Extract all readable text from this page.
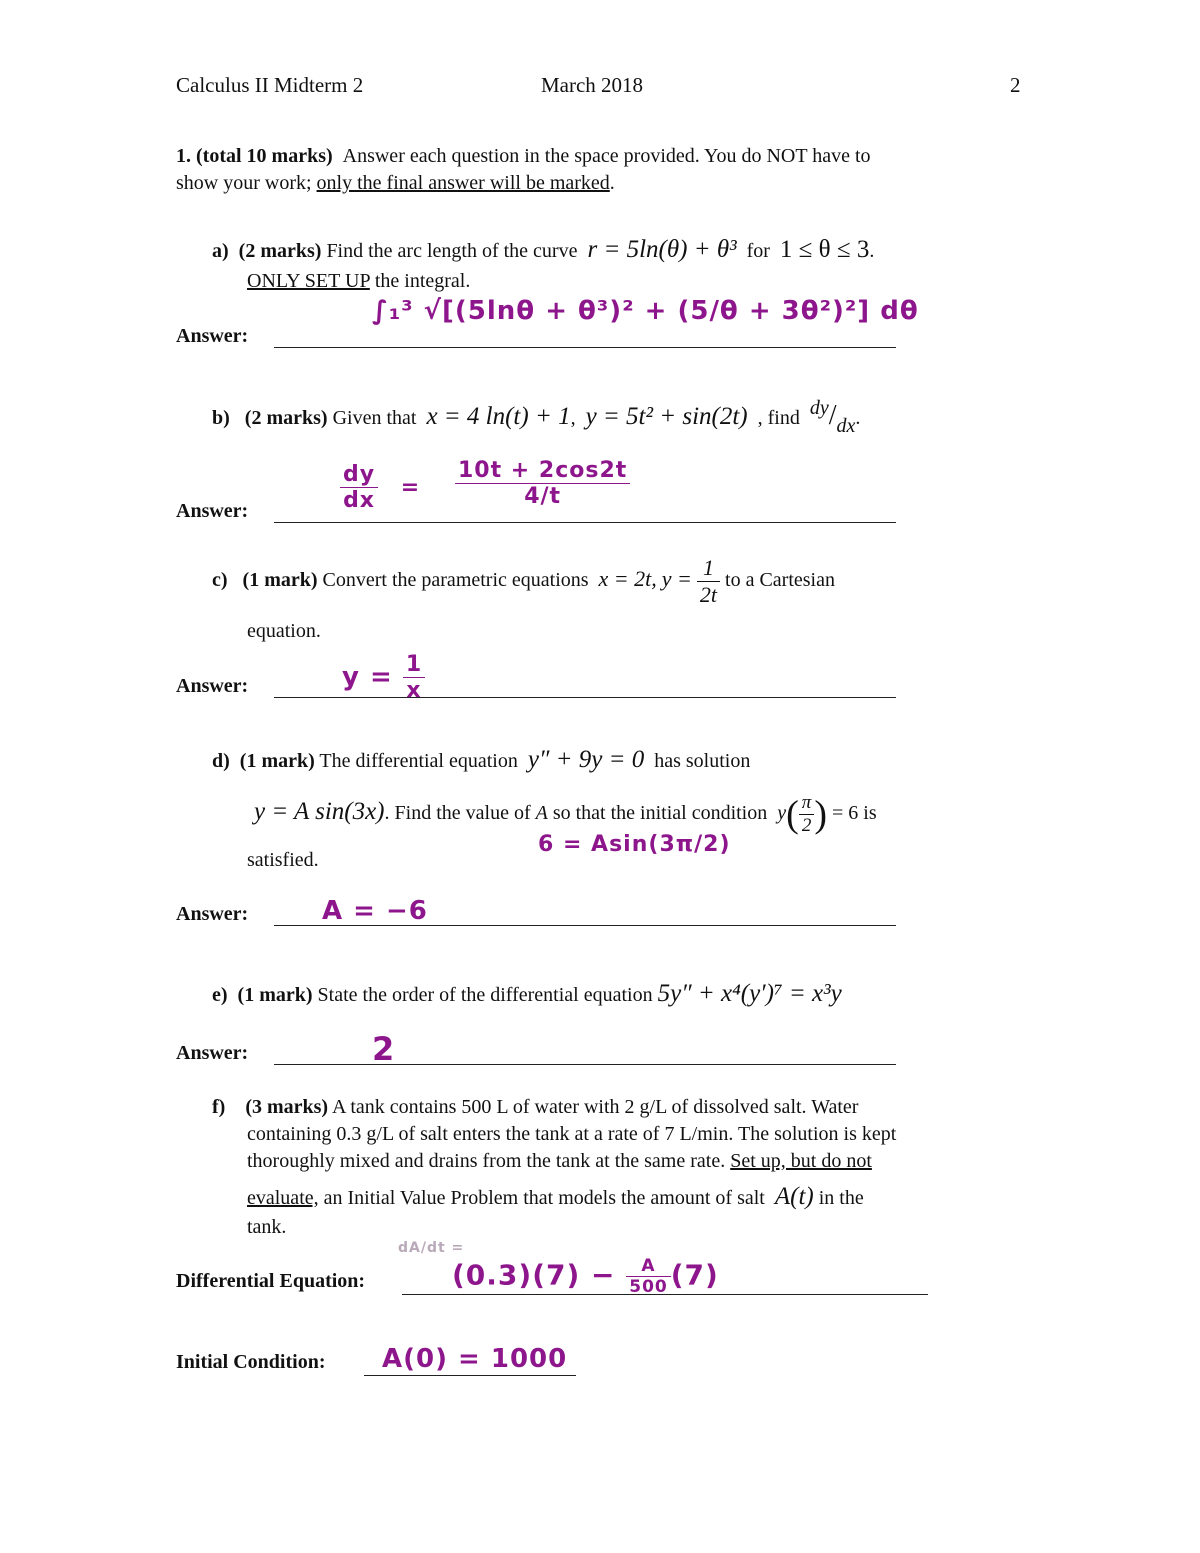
Calculus II Midterm 2	March 2018	2
1. (total 10 marks) Answer each question in the space provided. You do NOT have to
show your work; only the final answer will be marked.
a) (2 marks) Find the arc length of the curve r = 5ln(θ) + θ³ for 1 ≤ θ ≤ 3.
ONLY SET UP the integral.
Answer:
∫₁³ √[(5lnθ + θ³)² + (5/θ + 3θ²)²] dθ
b) (2 marks) Given that x = 4 ln(t) + 1, y = 5t² + sin(2t) , find dy/dx.
Answer:	$\frac{dy}{dx} = \frac{10t + 2\cos 2t}{4/t}$
c) (1 mark) Convert the parametric equations x = 2t, $y = \frac{1}{2t}$ to a Cartesian
equation.
Answer:	$y = \frac{1}{x}$
d) (1 mark) The differential equation y″ + 9y = 0 has solution
y = A sin(3x). Find the value of A so that the initial condition $y( \frac{\pi}{2}$ ) = 6 is
satisfied.
6 = Asin(3π/2)
Answer:	A = −6
e) (1 mark) State the order of the differential equation 5y″ + x⁴(y′)⁷ = x³y
Answer:	2
f) (3 marks) A tank contains 500 L of water with 2 g/L of dissolved salt. Water
containing 0.3 g/L of salt enters the tank at a rate of 7 L/min. The solution is kept
thoroughly mixed and drains from the tank at the same rate. Set up, but do not
evaluate, an Initial Value Problem that models the amount of salt A(t) in the
tank.
Differential Equation:
dA/dt =
$(0.3)(7) - \frac{A}{500} (7)$
Initial Condition: A(0) = 1000
